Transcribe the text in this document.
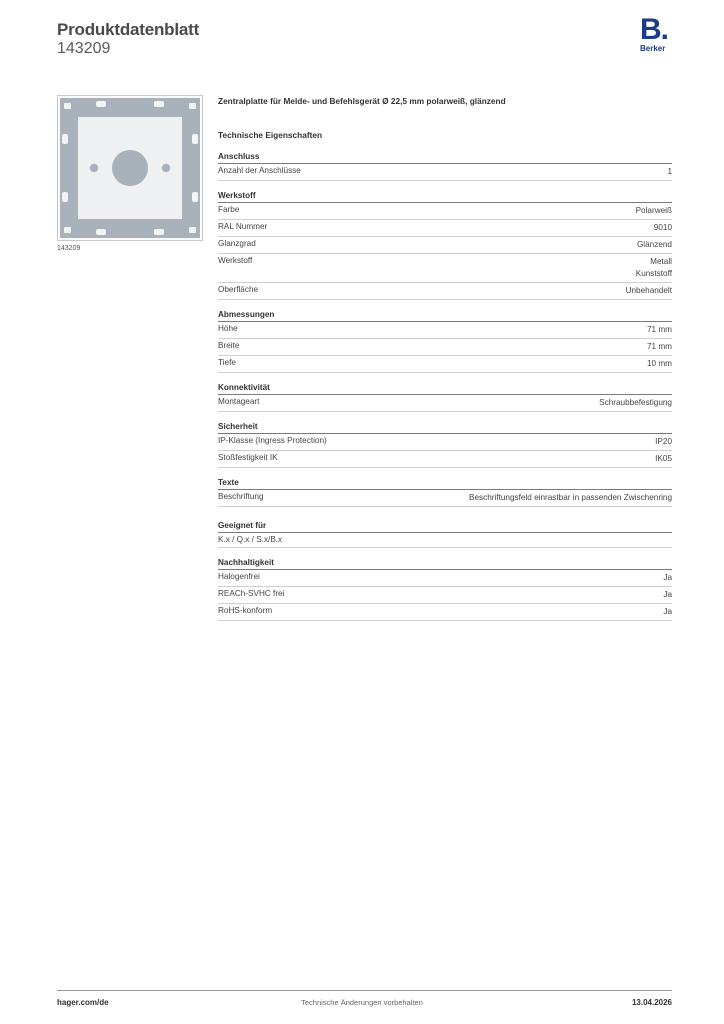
Produktdatenblatt
143209
B.
Berker
143209
Zentralplatte für Melde- und Befehlsgerät Ø 22,5 mm polarweiß, glänzend
Technische Eigenschaften
Anschluss
Anzahl der Anschlüsse	1
Werkstoff
Farbe	Polarweiß
RAL Nummer	9010
Glanzgrad	Glänzend
Werkstoff	Metall
Kunststoff
Oberfläche	Unbehandelt
Abmessungen
Höhe	71 mm
Breite	71 mm
Tiefe	10 mm
Konnektivität
Montageart	Schraubbefestigung
Sicherheit
IP-Klasse (Ingress Protection)	IP20
Stoßfestigkeit IK	IK05
Texte
Beschriftung	Beschriftungsfeld einrastbar in passenden Zwischenring
Geeignet für
K.x / Q.x / S.x/B.x
Nachhaltigkeit
Halogenfrei	Ja
REACh-SVHC frei	Ja
RoHS-konform	Ja
hager.com/de	Technische Änderungen vorbehalten	13.04.2026
